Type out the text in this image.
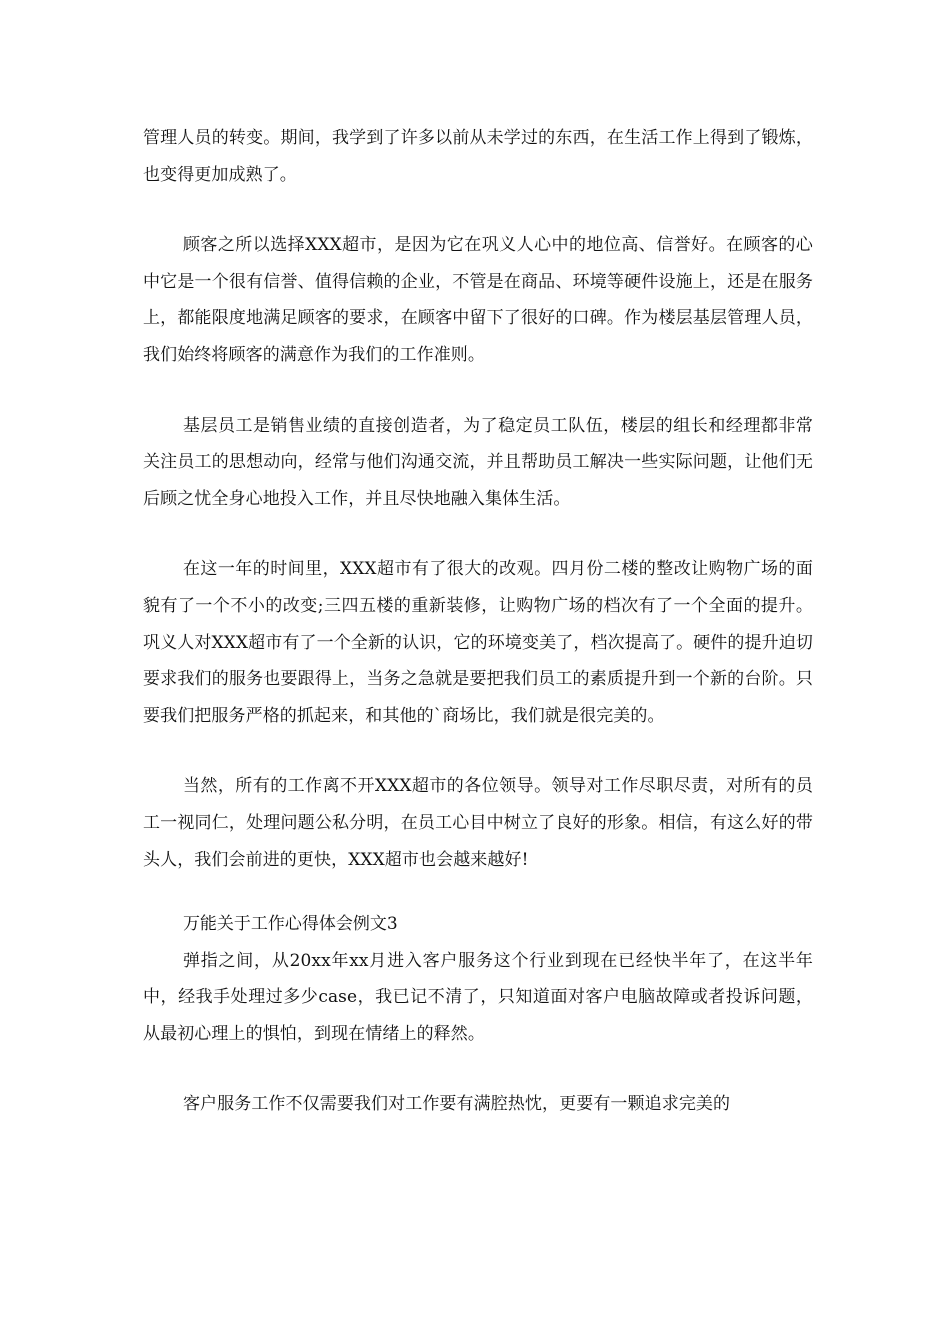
管理人员的转变。期间，我学到了许多以前从未学过的东西，在生活工作上得到了锻炼，也变得更加成熟了。

顾客之所以选择XXX超市，是因为它在巩义人心中的地位高、信誉好。在顾客的心中它是一个很有信誉、值得信赖的企业，不管是在商品、环境等硬件设施上，还是在服务上，都能限度地满足顾客的要求，在顾客中留下了很好的口碑。作为楼层基层管理人员，我们始终将顾客的满意作为我们的工作准则。

基层员工是销售业绩的直接创造者，为了稳定员工队伍，楼层的组长和经理都非常关注员工的思想动向，经常与他们沟通交流，并且帮助员工解决一些实际问题，让他们无后顾之忧全身心地投入工作，并且尽快地融入集体生活。

在这一年的时间里，XXX超市有了很大的改观。四月份二楼的整改让购物广场的面貌有了一个不小的改变;三四五楼的重新装修，让购物广场的档次有了一个全面的提升。巩义人对XXX超市有了一个全新的认识，它的环境变美了，档次提高了。硬件的提升迫切要求我们的服务也要跟得上，当务之急就是要把我们员工的素质提升到一个新的台阶。只要我们把服务严格的抓起来，和其他的`商场比，我们就是很完美的。

当然，所有的工作离不开XXX超市的各位领导。领导对工作尽职尽责，对所有的员工一视同仁，处理问题公私分明，在员工心目中树立了良好的形象。相信，有这么好的带头人，我们会前进的更快，XXX超市也会越来越好!

万能关于工作心得体会例文3

弹指之间，从20xx年xx月进入客户服务这个行业到现在已经快半年了，在这半年中，经我手处理过多少case，我已记不清了，只知道面对客户电脑故障或者投诉问题，从最初心理上的惧怕，到现在情绪上的释然。

客户服务工作不仅需要我们对工作要有满腔热忱，更要有一颗追求完美的
